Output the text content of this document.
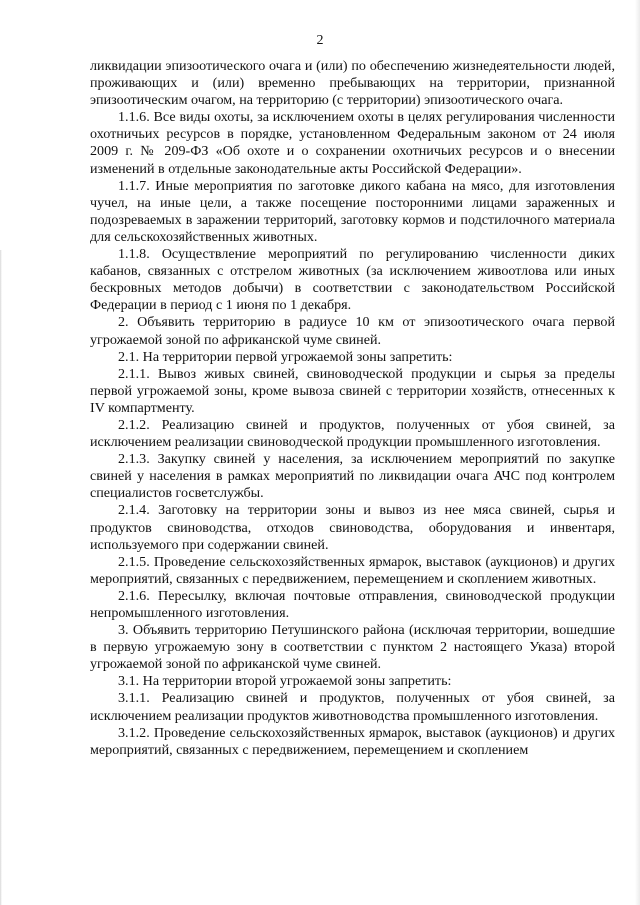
2

ликвидации эпизоотического очага и (или) по обеспечению жизнедеятельности людей, проживающих и (или) временно пребывающих на территории, признанной эпизоотическим очагом, на территорию (с территории) эпизоотического очага.

1.1.6. Все виды охоты, за исключением охоты в целях регулирования численности охотничьих ресурсов в порядке, установленном Федеральным законом от 24 июля 2009 г. № 209-ФЗ «Об охоте и о сохранении охотничьих ресурсов и о внесении изменений в отдельные законодательные акты Российской Федерации».

1.1.7. Иные мероприятия по заготовке дикого кабана на мясо, для изготовления чучел, на иные цели, а также посещение посторонними лицами зараженных и подозреваемых в заражении территорий, заготовку кормов и подстилочного материала для сельскохозяйственных животных.

1.1.8. Осуществление мероприятий по регулированию численности диких кабанов, связанных с отстрелом животных (за исключением живоотлова или иных бескровных методов добычи) в соответствии с законодательством Российской Федерации в период с 1 июня по 1 декабря.

2. Объявить территорию в радиусе 10 км от эпизоотического очага первой угрожаемой зоной по африканской чуме свиней.

2.1. На территории первой угрожаемой зоны запретить:

2.1.1. Вывоз живых свиней, свиноводческой продукции и сырья за пределы первой угрожаемой зоны, кроме вывоза свиней с территории хозяйств, отнесенных к IV компартменту.

2.1.2. Реализацию свиней и продуктов, полученных от убоя свиней, за исключением реализации свиноводческой продукции промышленного изготовления.

2.1.3. Закупку свиней у населения, за исключением мероприятий по закупке свиней у населения в рамках мероприятий по ликвидации очага АЧС под контролем специалистов госветслужбы.

2.1.4. Заготовку на территории зоны и вывоз из нее мяса свиней, сырья и продуктов свиноводства, отходов свиноводства, оборудования и инвентаря, используемого при содержании свиней.

2.1.5. Проведение сельскохозяйственных ярмарок, выставок (аукционов) и других мероприятий, связанных с передвижением, перемещением и скоплением животных.

2.1.6. Пересылку, включая почтовые отправления, свиноводческой продукции непромышленного изготовления.

3. Объявить территорию Петушинского района (исключая территории, вошедшие в первую угрожаемую зону в соответствии с пунктом 2 настоящего Указа) второй угрожаемой зоной по африканской чуме свиней.

3.1. На территории второй угрожаемой зоны запретить:

3.1.1. Реализацию свиней и продуктов, полученных от убоя свиней, за исключением реализации продуктов животноводства промышленного изготовления.

3.1.2. Проведение сельскохозяйственных ярмарок, выставок (аукционов) и других мероприятий, связанных с передвижением, перемещением и скоплением
